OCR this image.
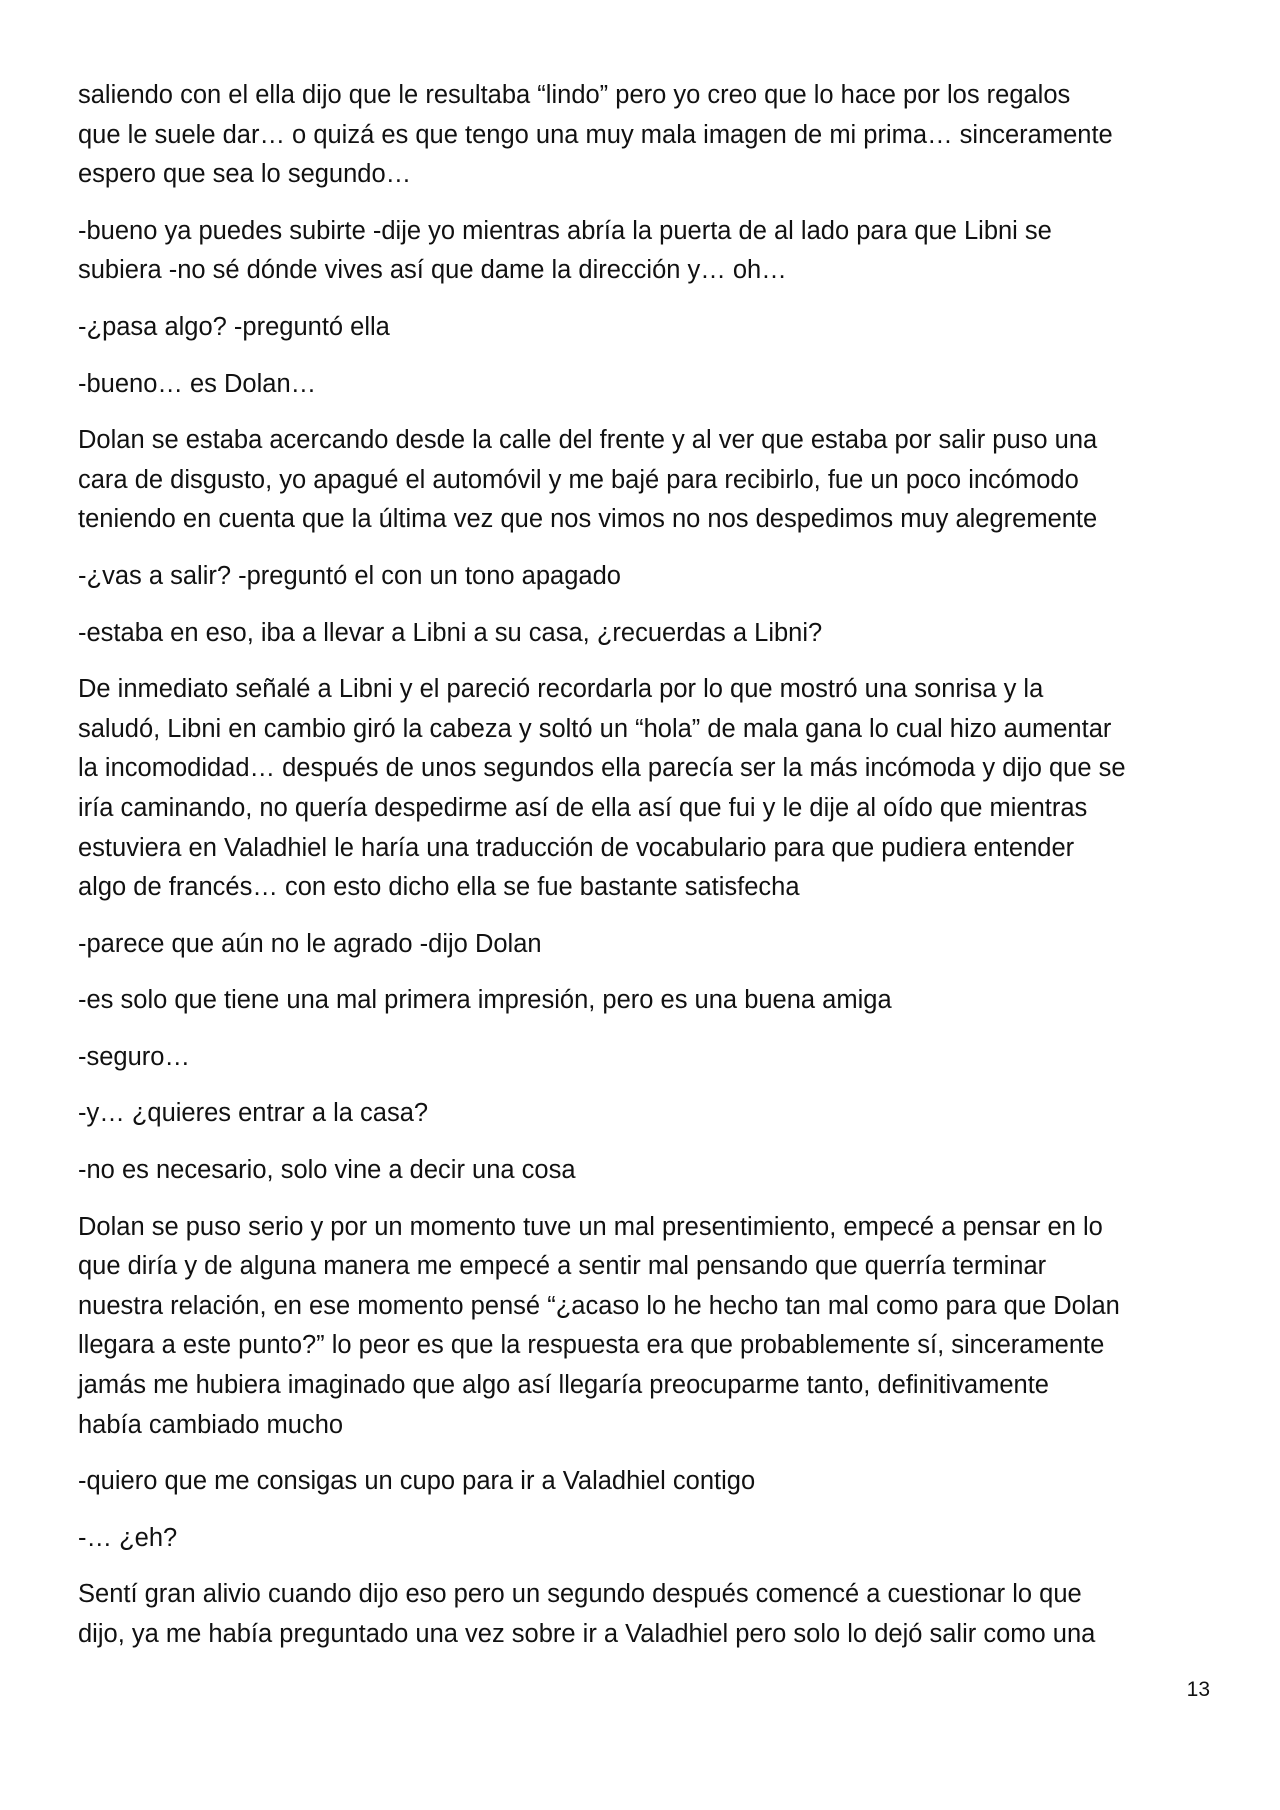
saliendo con el ella dijo que le resultaba “lindo” pero yo creo que lo hace por los regalos
que le suele dar… o quizá es que tengo una muy mala imagen de mi prima… sinceramente
espero que sea lo segundo…

-bueno ya puedes subirte -dije yo mientras abría la puerta de al lado para que Libni se
subiera -no sé dónde vives así que dame la dirección y… oh…

-¿pasa algo? -preguntó ella

-bueno… es Dolan…

Dolan se estaba acercando desde la calle del frente y al ver que estaba por salir puso una
cara de disgusto, yo apagué el automóvil y me bajé para recibirlo, fue un poco incómodo
teniendo en cuenta que la última vez que nos vimos no nos despedimos muy alegremente

-¿vas a salir? -preguntó el con un tono apagado

-estaba en eso, iba a llevar a Libni a su casa, ¿recuerdas a Libni?

De inmediato señalé a Libni y el pareció recordarla por lo que mostró una sonrisa y la
saludó, Libni en cambio giró la cabeza y soltó un “hola” de mala gana lo cual hizo aumentar
la incomodidad… después de unos segundos ella parecía ser la más incómoda y dijo que se
iría caminando, no quería despedirme así de ella así que fui y le dije al oído que mientras
estuviera en Valadhiel le haría una traducción de vocabulario para que pudiera entender
algo de francés… con esto dicho ella se fue bastante satisfecha

-parece que aún no le agrado -dijo Dolan

-es solo que tiene una mal primera impresión, pero es una buena amiga

-seguro…

-y… ¿quieres entrar a la casa?

-no es necesario, solo vine a decir una cosa

Dolan se puso serio y por un momento tuve un mal presentimiento, empecé a pensar en lo
que diría y de alguna manera me empecé a sentir mal pensando que querría terminar
nuestra relación, en ese momento pensé “¿acaso lo he hecho tan mal como para que Dolan
llegara a este punto?” lo peor es que la respuesta era que probablemente sí, sinceramente
jamás me hubiera imaginado que algo así llegaría preocuparme tanto, definitivamente
había cambiado mucho

-quiero que me consigas un cupo para ir a Valadhiel contigo

-… ¿eh?

Sentí gran alivio cuando dijo eso pero un segundo después comencé a cuestionar lo que
dijo, ya me había preguntado una vez sobre ir a Valadhiel pero solo lo dejó salir como una

13
